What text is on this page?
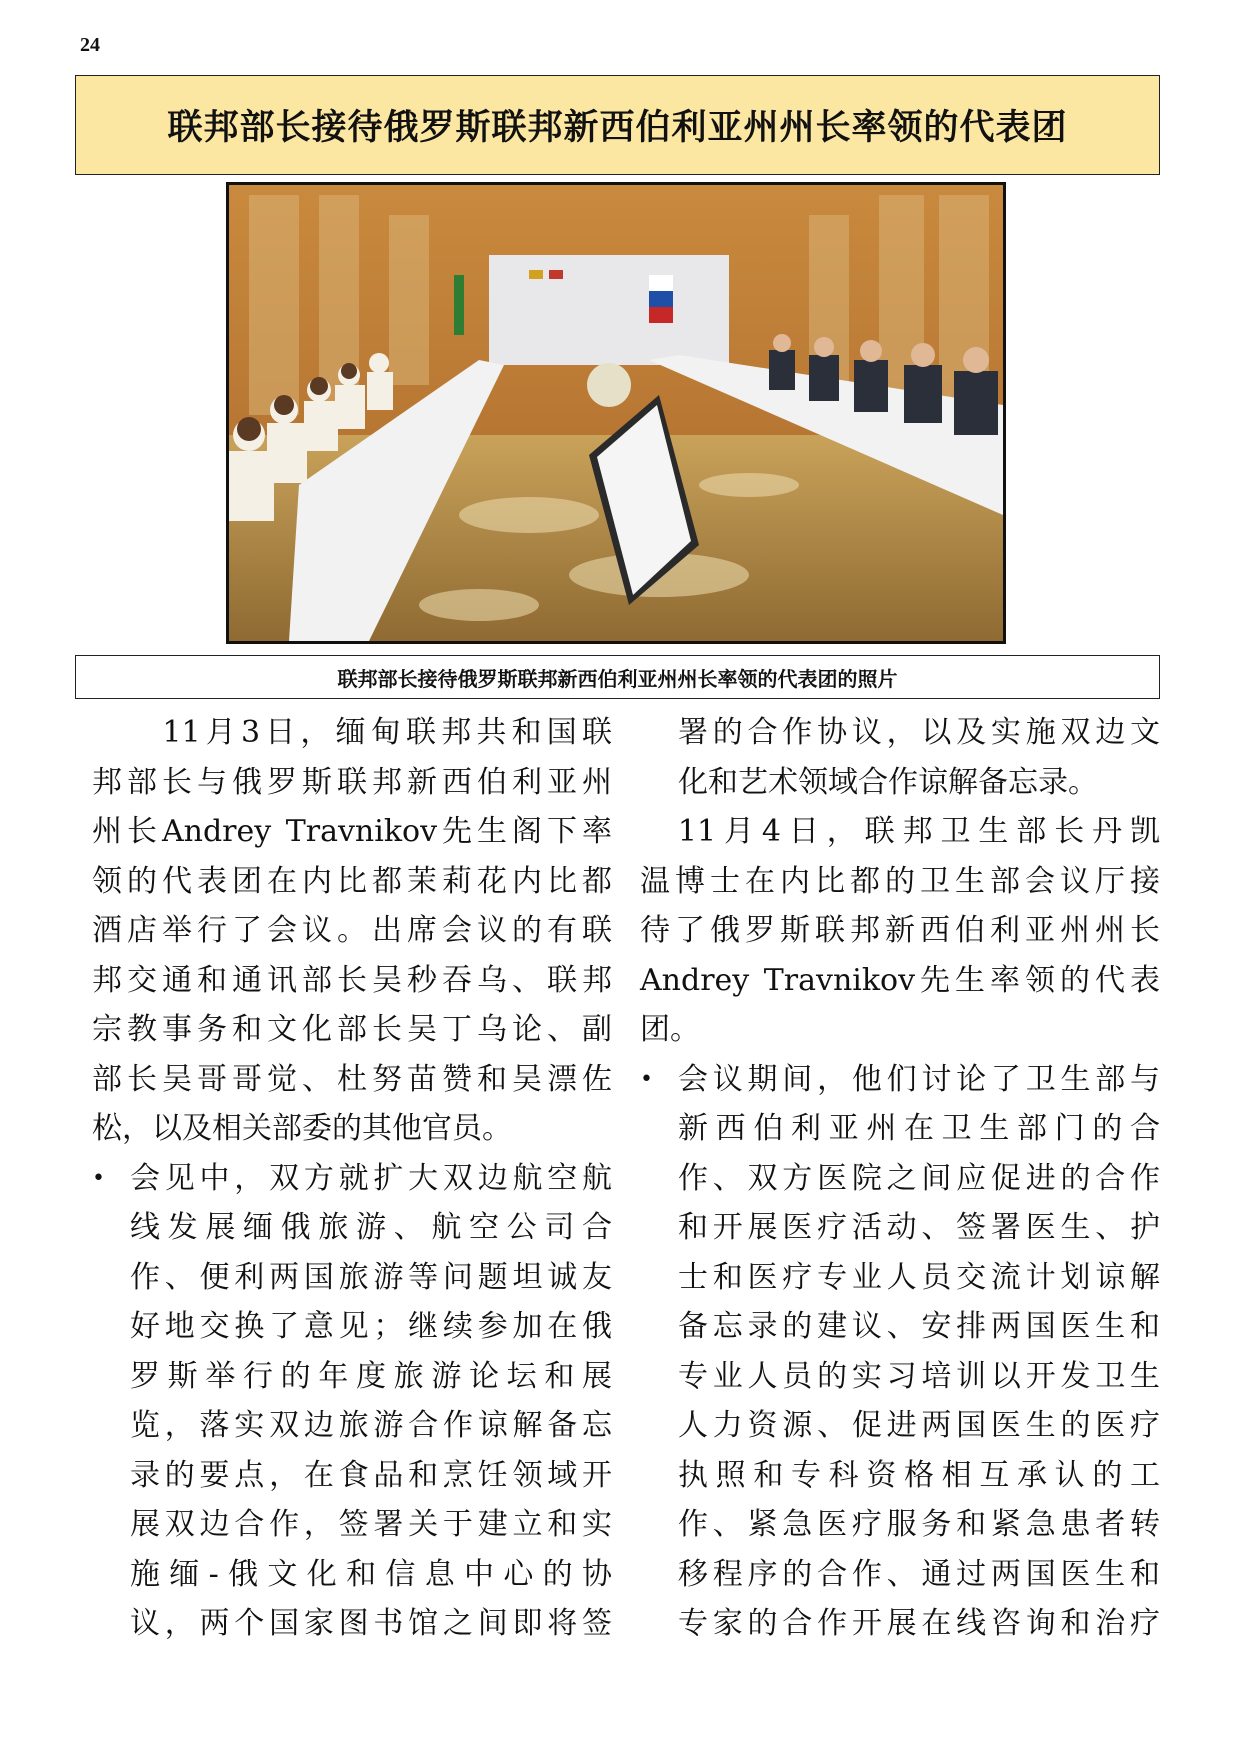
24
联邦部长接待俄罗斯联邦新西伯利亚州州长率领的代表团
联邦部长接待俄罗斯联邦新西伯利亚州州长率领的代表团的照片
　　11月3日，缅甸联邦共和国联
邦部长与俄罗斯联邦新西伯利亚州
州长Andrey Travnikov先生阁下率
领的代表团在内比都茉莉花内比都
酒店举行了会议。出席会议的有联
邦交通和通讯部长吴秒吞乌、联邦
宗教事务和文化部长吴丁乌论、副
部长吴哥哥觉、杜努苗赞和吴漂佐
松，以及相关部委的其他官员。
• 会见中，双方就扩大双边航空航
线发展缅俄旅游、航空公司合
作、便利两国旅游等问题坦诚友
好地交换了意见；继续参加在俄
罗斯举行的年度旅游论坛和展
览，落实双边旅游合作谅解备忘
录的要点，在食品和烹饪领域开
展双边合作，签署关于建立和实
施缅-俄文化和信息中心的协
议，两个国家图书馆之间即将签
署的合作协议，以及实施双边文
化和艺术领域合作谅解备忘录。
　11月4日，联邦卫生部长丹凯
温博士在内比都的卫生部会议厅接
待了俄罗斯联邦新西伯利亚州州长
Andrey Travnikov先生率领的代表
团。
• 会议期间，他们讨论了卫生部与
新西伯利亚州在卫生部门的合
作、双方医院之间应促进的合作
和开展医疗活动、签署医生、护
士和医疗专业人员交流计划谅解
备忘录的建议、安排两国医生和
专业人员的实习培训以开发卫生
人力资源、促进两国医生的医疗
执照和专科资格相互承认的工
作、紧急医疗服务和紧急患者转
移程序的合作、通过两国医生和
专家的合作开展在线咨询和治疗
